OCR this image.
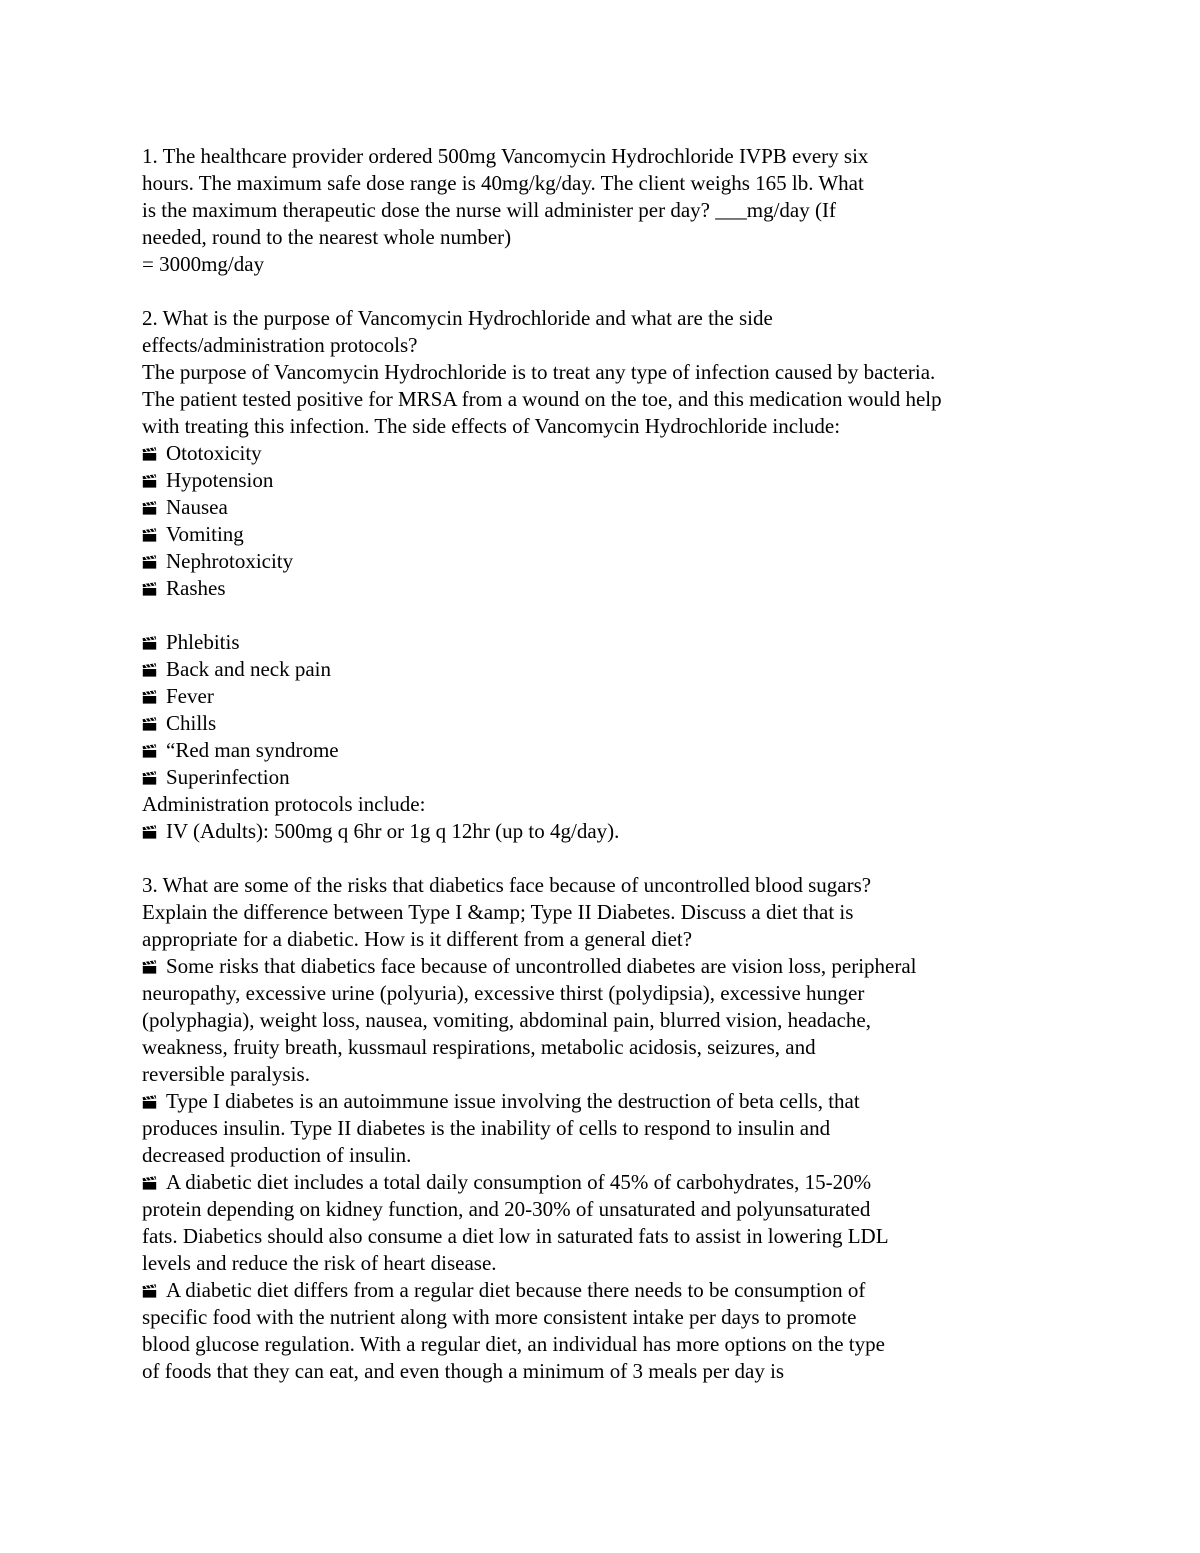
1. The healthcare provider ordered 500mg Vancomycin Hydrochloride IVPB every six
hours. The maximum safe dose range is 40mg/kg/day. The client weighs 165 lb. What
is the maximum therapeutic dose the nurse will administer per day? ___mg/day (If
needed, round to the nearest whole number)
= 3000mg/day
2. What is the purpose of Vancomycin Hydrochloride and what are the side
effects/administration protocols?
The purpose of Vancomycin Hydrochloride is to treat any type of infection caused by bacteria.
The patient tested positive for MRSA from a wound on the toe, and this medication would help
with treating this infection. The side effects of Vancomycin Hydrochloride include:
Ototoxicity
Hypotension
Nausea
Vomiting
Nephrotoxicity
Rashes
Phlebitis
Back and neck pain
Fever
Chills
“Red man syndrome
Superinfection
Administration protocols include:
IV (Adults): 500mg q 6hr or 1g q 12hr (up to 4g/day).
3. What are some of the risks that diabetics face because of uncontrolled blood sugars?
Explain the difference between Type I &amp; Type II Diabetes. Discuss a diet that is
appropriate for a diabetic. How is it different from a general diet?
Some risks that diabetics face because of uncontrolled diabetes are vision loss, peripheral
neuropathy, excessive urine (polyuria), excessive thirst (polydipsia), excessive hunger
(polyphagia), weight loss, nausea, vomiting, abdominal pain, blurred vision, headache,
weakness, fruity breath, kussmaul respirations, metabolic acidosis, seizures, and
reversible paralysis.
Type I diabetes is an autoimmune issue involving the destruction of beta cells, that
produces insulin. Type II diabetes is the inability of cells to respond to insulin and
decreased production of insulin.
A diabetic diet includes a total daily consumption of 45% of carbohydrates, 15-20%
protein depending on kidney function, and 20-30% of unsaturated and polyunsaturated
fats. Diabetics should also consume a diet low in saturated fats to assist in lowering LDL
levels and reduce the risk of heart disease.
A diabetic diet differs from a regular diet because there needs to be consumption of
specific food with the nutrient along with more consistent intake per days to promote
blood glucose regulation. With a regular diet, an individual has more options on the type
of foods that they can eat, and even though a minimum of 3 meals per day is
